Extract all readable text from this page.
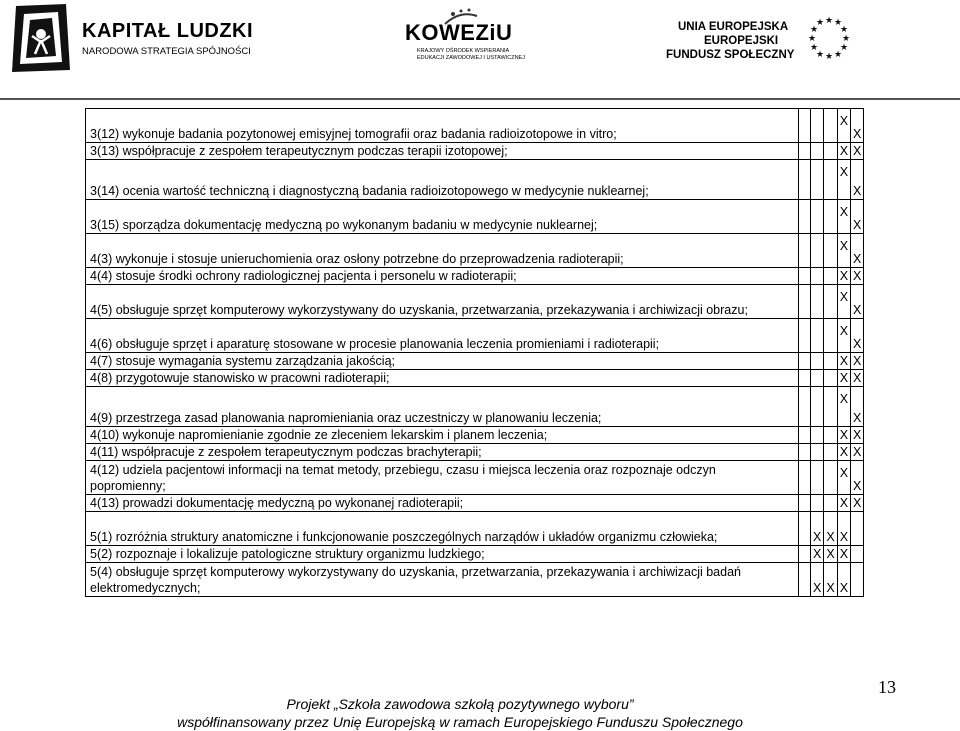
KAPITAŁ LUDZKI
NARODOWA STRATEGIA SPÓJNOŚCI
KOWEZiU
KRAJOWY OŚRODEK WSPIERANIA
EDUKACJI ZAWODOWEJ I USTAWICZNEJ
UNIA EUROPEJSKA
EUROPEJSKI
FUNDUSZ SPOŁECZNY
★ ★
★
★
★
★
★
★
★
★
★
★
3(12) wykonuje badania pozytonowej emisyjnej tomografii oraz badania radioizotopowe in vitro;				X	X
3(13) współpracuje z zespołem terapeutycznym podczas terapii izotopowej;				X	X
3(14) ocenia wartość techniczną i diagnostyczną badania radioizotopowego w medycynie nuklearnej;				X	X
3(15) sporządza dokumentację medyczną po wykonanym badaniu w medycynie nuklearnej;				X	X
4(3) wykonuje i stosuje unieruchomienia oraz osłony potrzebne do przeprowadzenia radioterapii;				X	X
4(4) stosuje środki ochrony radiologicznej pacjenta i personelu w radioterapii;				X	X
4(5) obsługuje sprzęt komputerowy wykorzystywany do uzyskania, przetwarzania, przekazywania i archiwizacji obrazu;				X	X
4(6) obsługuje sprzęt i aparaturę stosowane w procesie planowania leczenia promieniami i radioterapii;				X	X
4(7) stosuje wymagania systemu zarządzania jakością;				X	X
4(8) przygotowuje stanowisko w pracowni radioterapii;				X	X
4(9) przestrzega zasad planowania napromieniania oraz uczestniczy w planowaniu leczenia;				X	X
4(10) wykonuje napromienianie zgodnie ze zleceniem lekarskim i planem leczenia;				X	X
4(11) współpracuje z zespołem terapeutycznym podczas brachyterapii;				X	X
4(12) udziela pacjentowi informacji na temat metody, przebiegu, czasu i miejsca leczenia oraz rozpoznaje odczyn popromienny;				X	X
4(13) prowadzi dokumentację medyczną po wykonanej radioterapii;				X	X
5(1) rozróżnia struktury anatomiczne i funkcjonowanie poszczególnych narządów i układów organizmu człowieka;		X	X	X	
5(2) rozpoznaje i lokalizuje patologiczne struktury organizmu ludzkiego;		X	X	X	
5(4) obsługuje sprzęt komputerowy wykorzystywany do uzyskania, przetwarzania, przekazywania i archiwizacji badań elektromedycznych;		X	X	X	
13
Projekt „Szkoła zawodowa szkołą pozytywnego wyboru”
współfinansowany przez Unię Europejską w ramach Europejskiego Funduszu Społecznego
